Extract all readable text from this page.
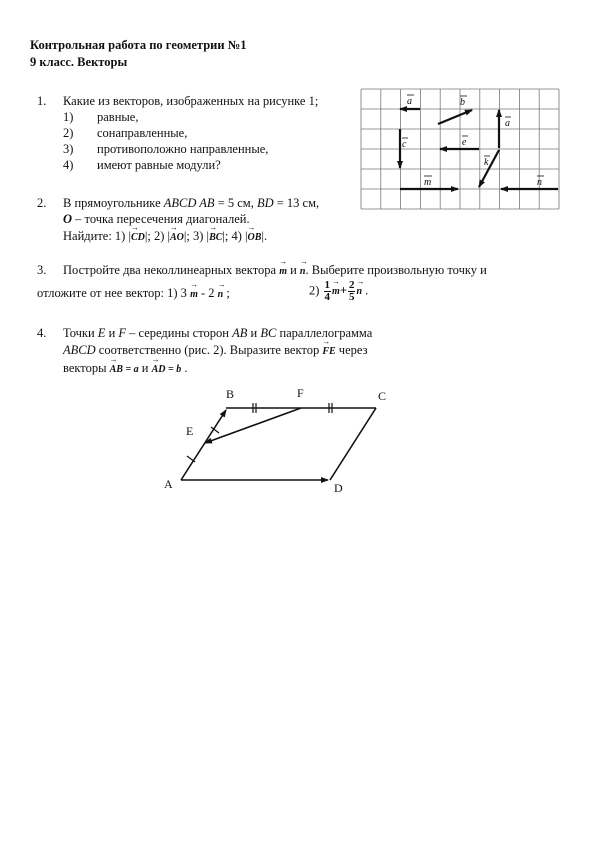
Контрольная работа по геометрии №1
9 класс. Векторы
1. Какие из векторов, изображенных на рисунке 1;
1) равные,
2) сонаправленные,
3) противоположно направленные,
4) имеют равные модули?
a	b
a
c	e
k
m	n
2. В прямоугольнике ABCD AB = 5 см, BD = 13 см,
O – точка пересечения диагоналей.
Найдите: 1) |→ CD|; 2) |→ AO|; 3) |→ BC|; 4) |→ OB|.
3. Постройте два неколлинеарных вектора → m и → n. Выберите произвольную точку и
отложите от нее вектор: 1) 3 → m - 2 → n ;	$2) \frac{1}{4}$
→ $m+ \frac{2}{5}$
→ n .
4. Точки E и F – середины сторон AB и BC параллелограмма
ABCD соответственно (рис. 2). Выразите вектор → FE через
векторы → AB = a и → AD = b .
A
B	C
D
E
F
